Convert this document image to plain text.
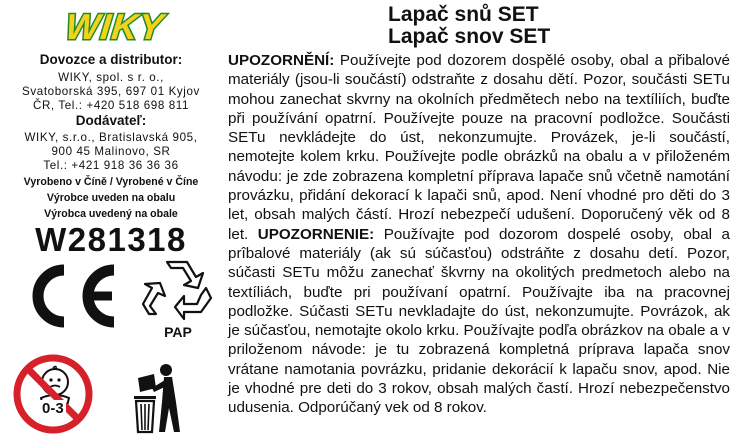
WIKY
Dovozce a distributor:
WIKY, spol. s r. o.,
Svatoborská 395, 697 01 Kyjov
ČR, Tel.: +420 518 698 811
Dodávateľ:
WIKY, s.r.o., Bratislavská 905,
900 45 Malinovo, SR
Tel.: +421 918 36 36 36
Vyrobeno v Číně / Vyrobené v Číne
Výrobce uveden na obalu
Výrobca uvedený na obale
W281318
PAP
0-3
Lapač snů SET
Lapač snov SET
UPOZORNĚNÍ: Používejte pod dozorem dospělé osoby, obal a přibalové materiály (jsou-li součástí) odstraňte z dosahu dětí. Pozor, součásti SETu mohou zanechat skvrny na okolních předmětech nebo na textíliích, buďte při používání opatrní. Používejte pouze na pracovní podložce. Součásti SETu nevkládejte do úst, nekonzumujte. Provázek, je-li součástí, nemotejte kolem krku. Používejte podle obrázků na obalu a v přiloženém návodu: je zde zobrazena kompletní příprava lapače snů včetně namotání provázku, přidání dekorací k lapači snů, apod. Není vhodné pro děti do 3 let, obsah malých částí. Hrozí nebezpečí udušení. Doporučený věk od 8 let. UPOZORNENIE: Používajte pod dozorom dospelé osoby, obal a prîbalové materiály (ak sú súčasťou) odstráňte z dosahu detí. Pozor, súčasti SETu môžu zanechať škvrny na okolitých predmetoch alebo na textíliách, buďte pri používaní opatrní. Používajte iba na pracovnej podložke. Súčasti SETu nevkladajte do úst, nekonzumujte. Povrázok, ak je súčasťou, nemotajte okolo krku. Používajte podľa obrázkov na obale a v priloženom návode: je tu zobrazená kompletná príprava lapača snov vrátane namotania povrázku, pridanie dekorácií k lapaču snov, apod. Nie je vhodné pre deti do 3 rokov, obsah malých častí. Hrozí nebezpečenstvo udusenia. Odporúčaný vek od 8 rokov.
